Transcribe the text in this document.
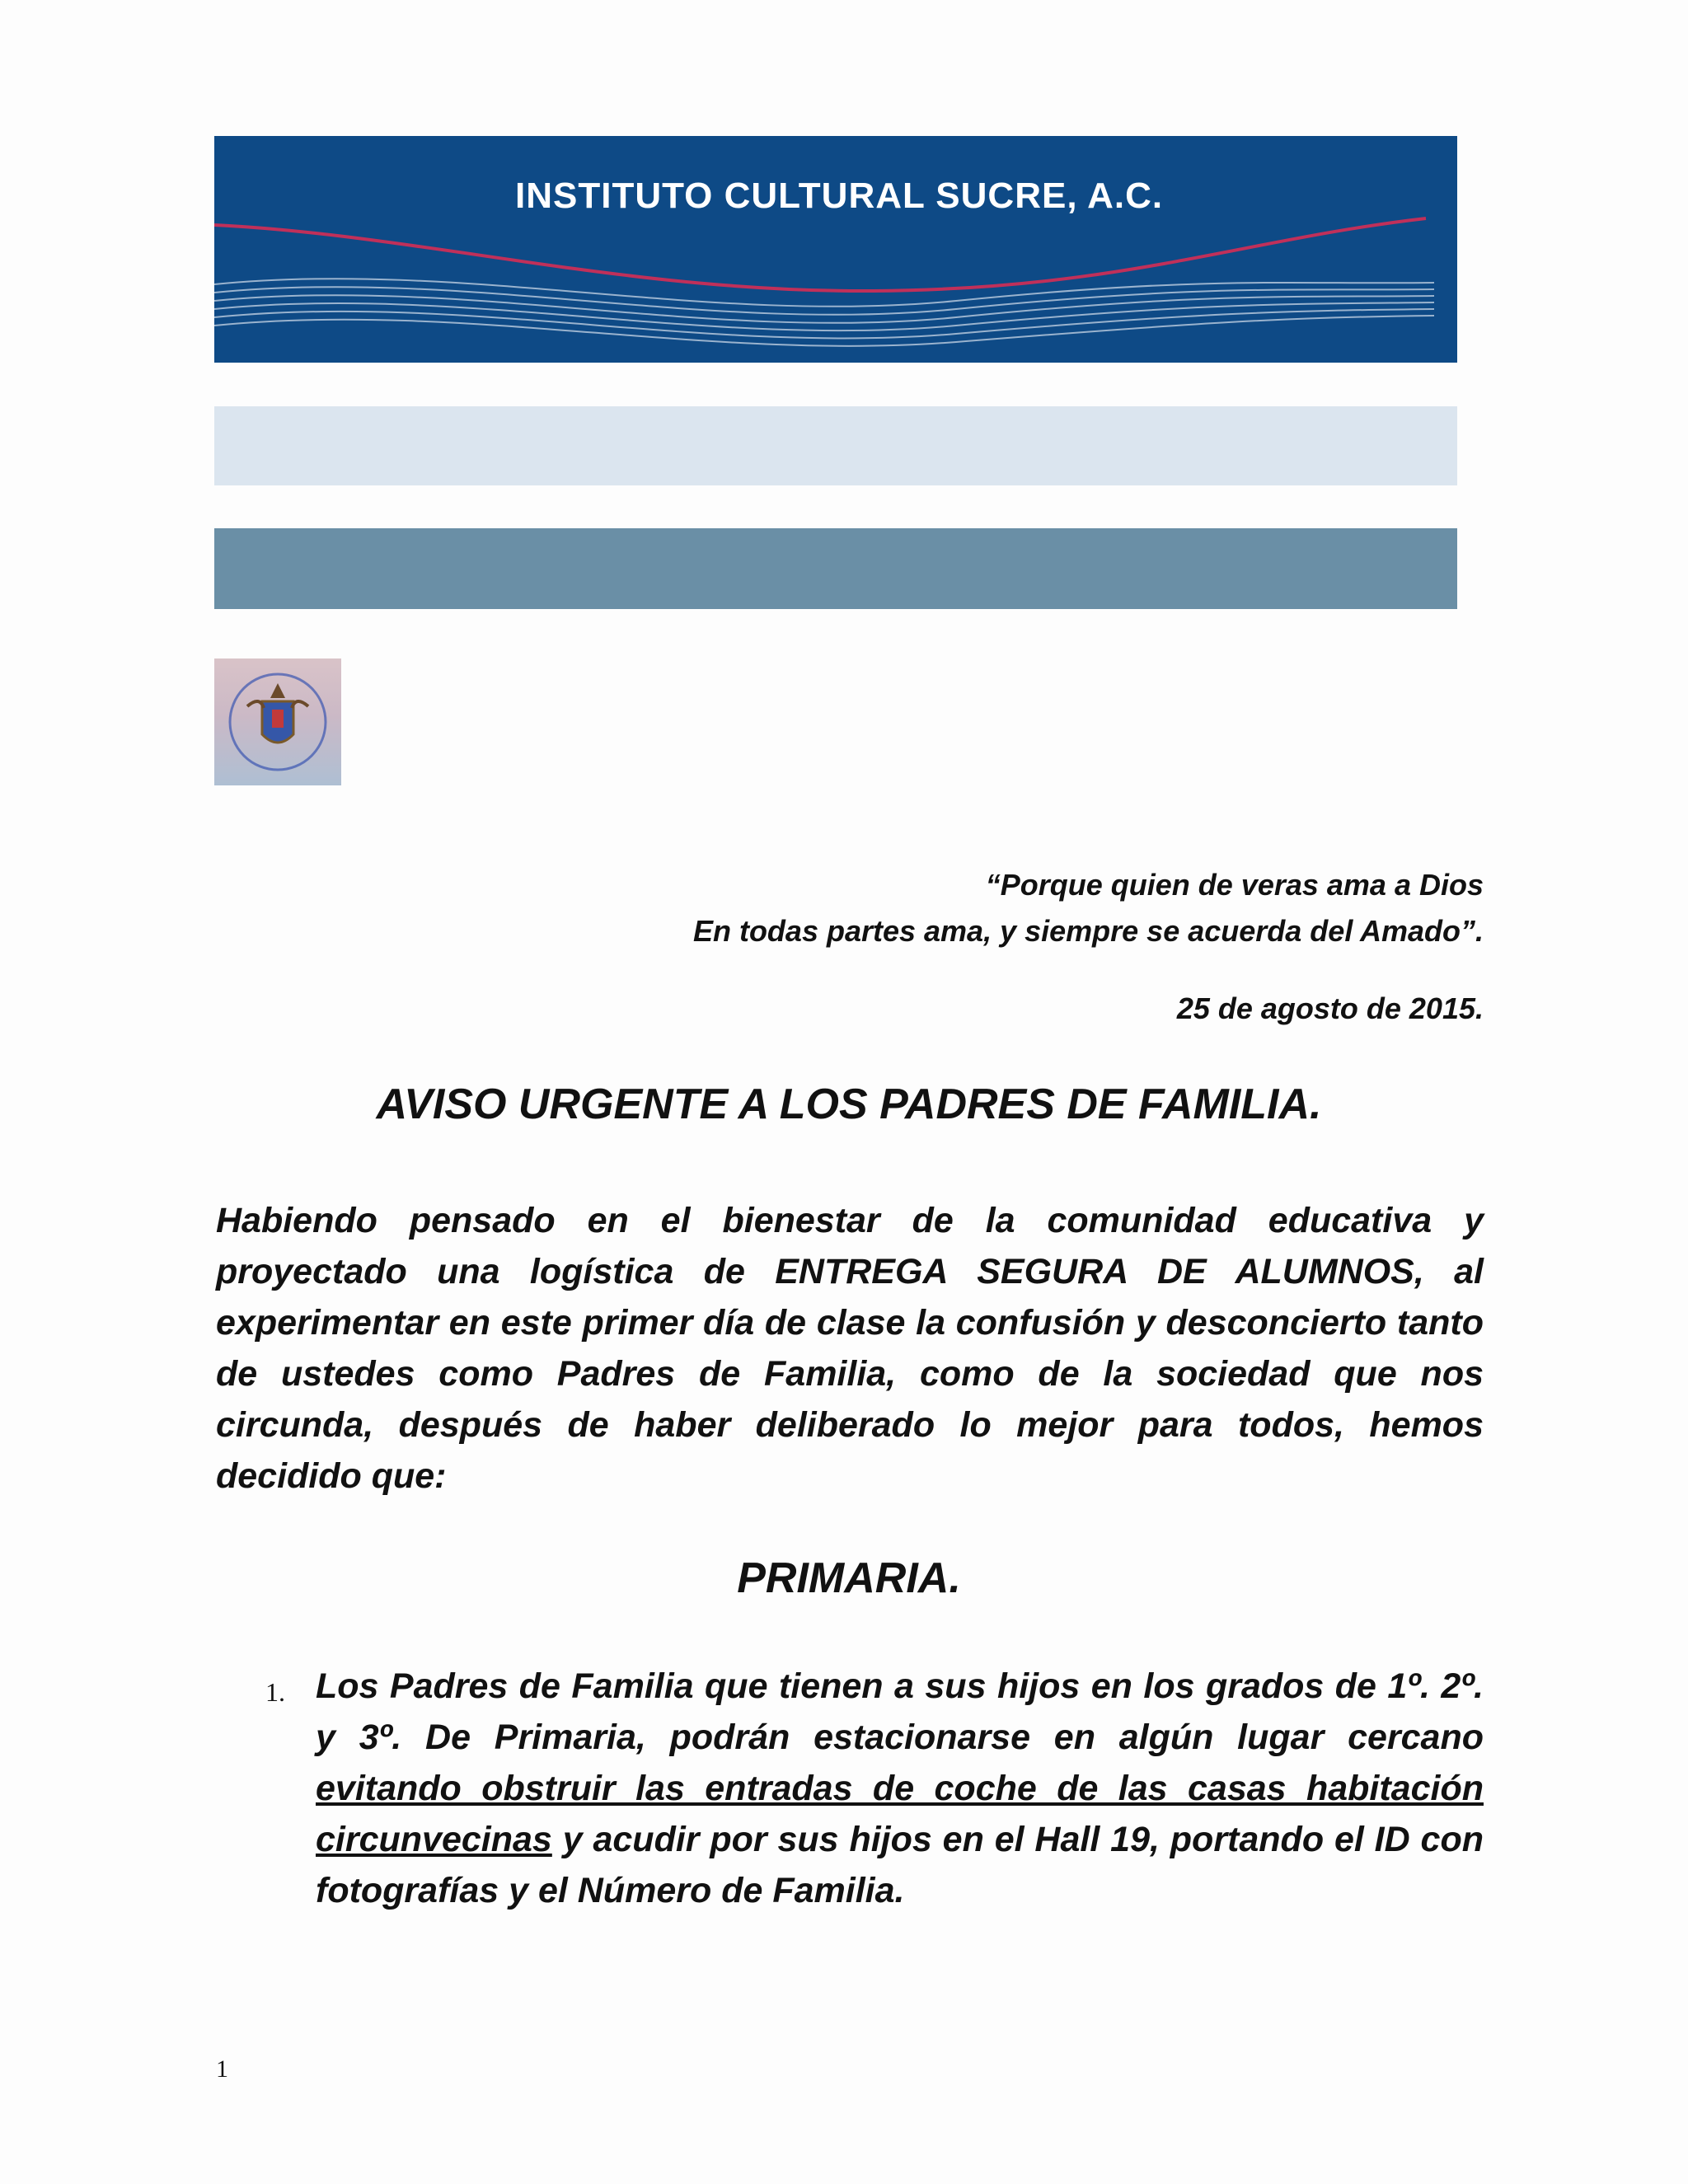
INSTITUTO CULTURAL SUCRE, A.C.
“Porque quien de veras ama a Dios
En todas partes ama, y siempre se acuerda del Amado”.
25 de agosto de 2015.
AVISO URGENTE A LOS PADRES DE FAMILIA.
Habiendo pensado en el bienestar de la comunidad educativa y proyectado una logística de ENTREGA SEGURA DE ALUMNOS, al experimentar en este primer día de clase la confusión y desconcierto tanto de ustedes como Padres de Familia, como de la sociedad que nos circunda, después de haber deliberado lo mejor para todos, hemos decidido que:
PRIMARIA.
1. Los Padres de Familia que tienen a sus hijos en los grados de 1º. 2º. y 3º. De Primaria, podrán estacionarse en algún lugar cercano evitando obstruir las entradas de coche de las casas habitación circunvecinas y acudir por sus hijos en el Hall 19, portando el ID con fotografías y el Número de Familia.
1
